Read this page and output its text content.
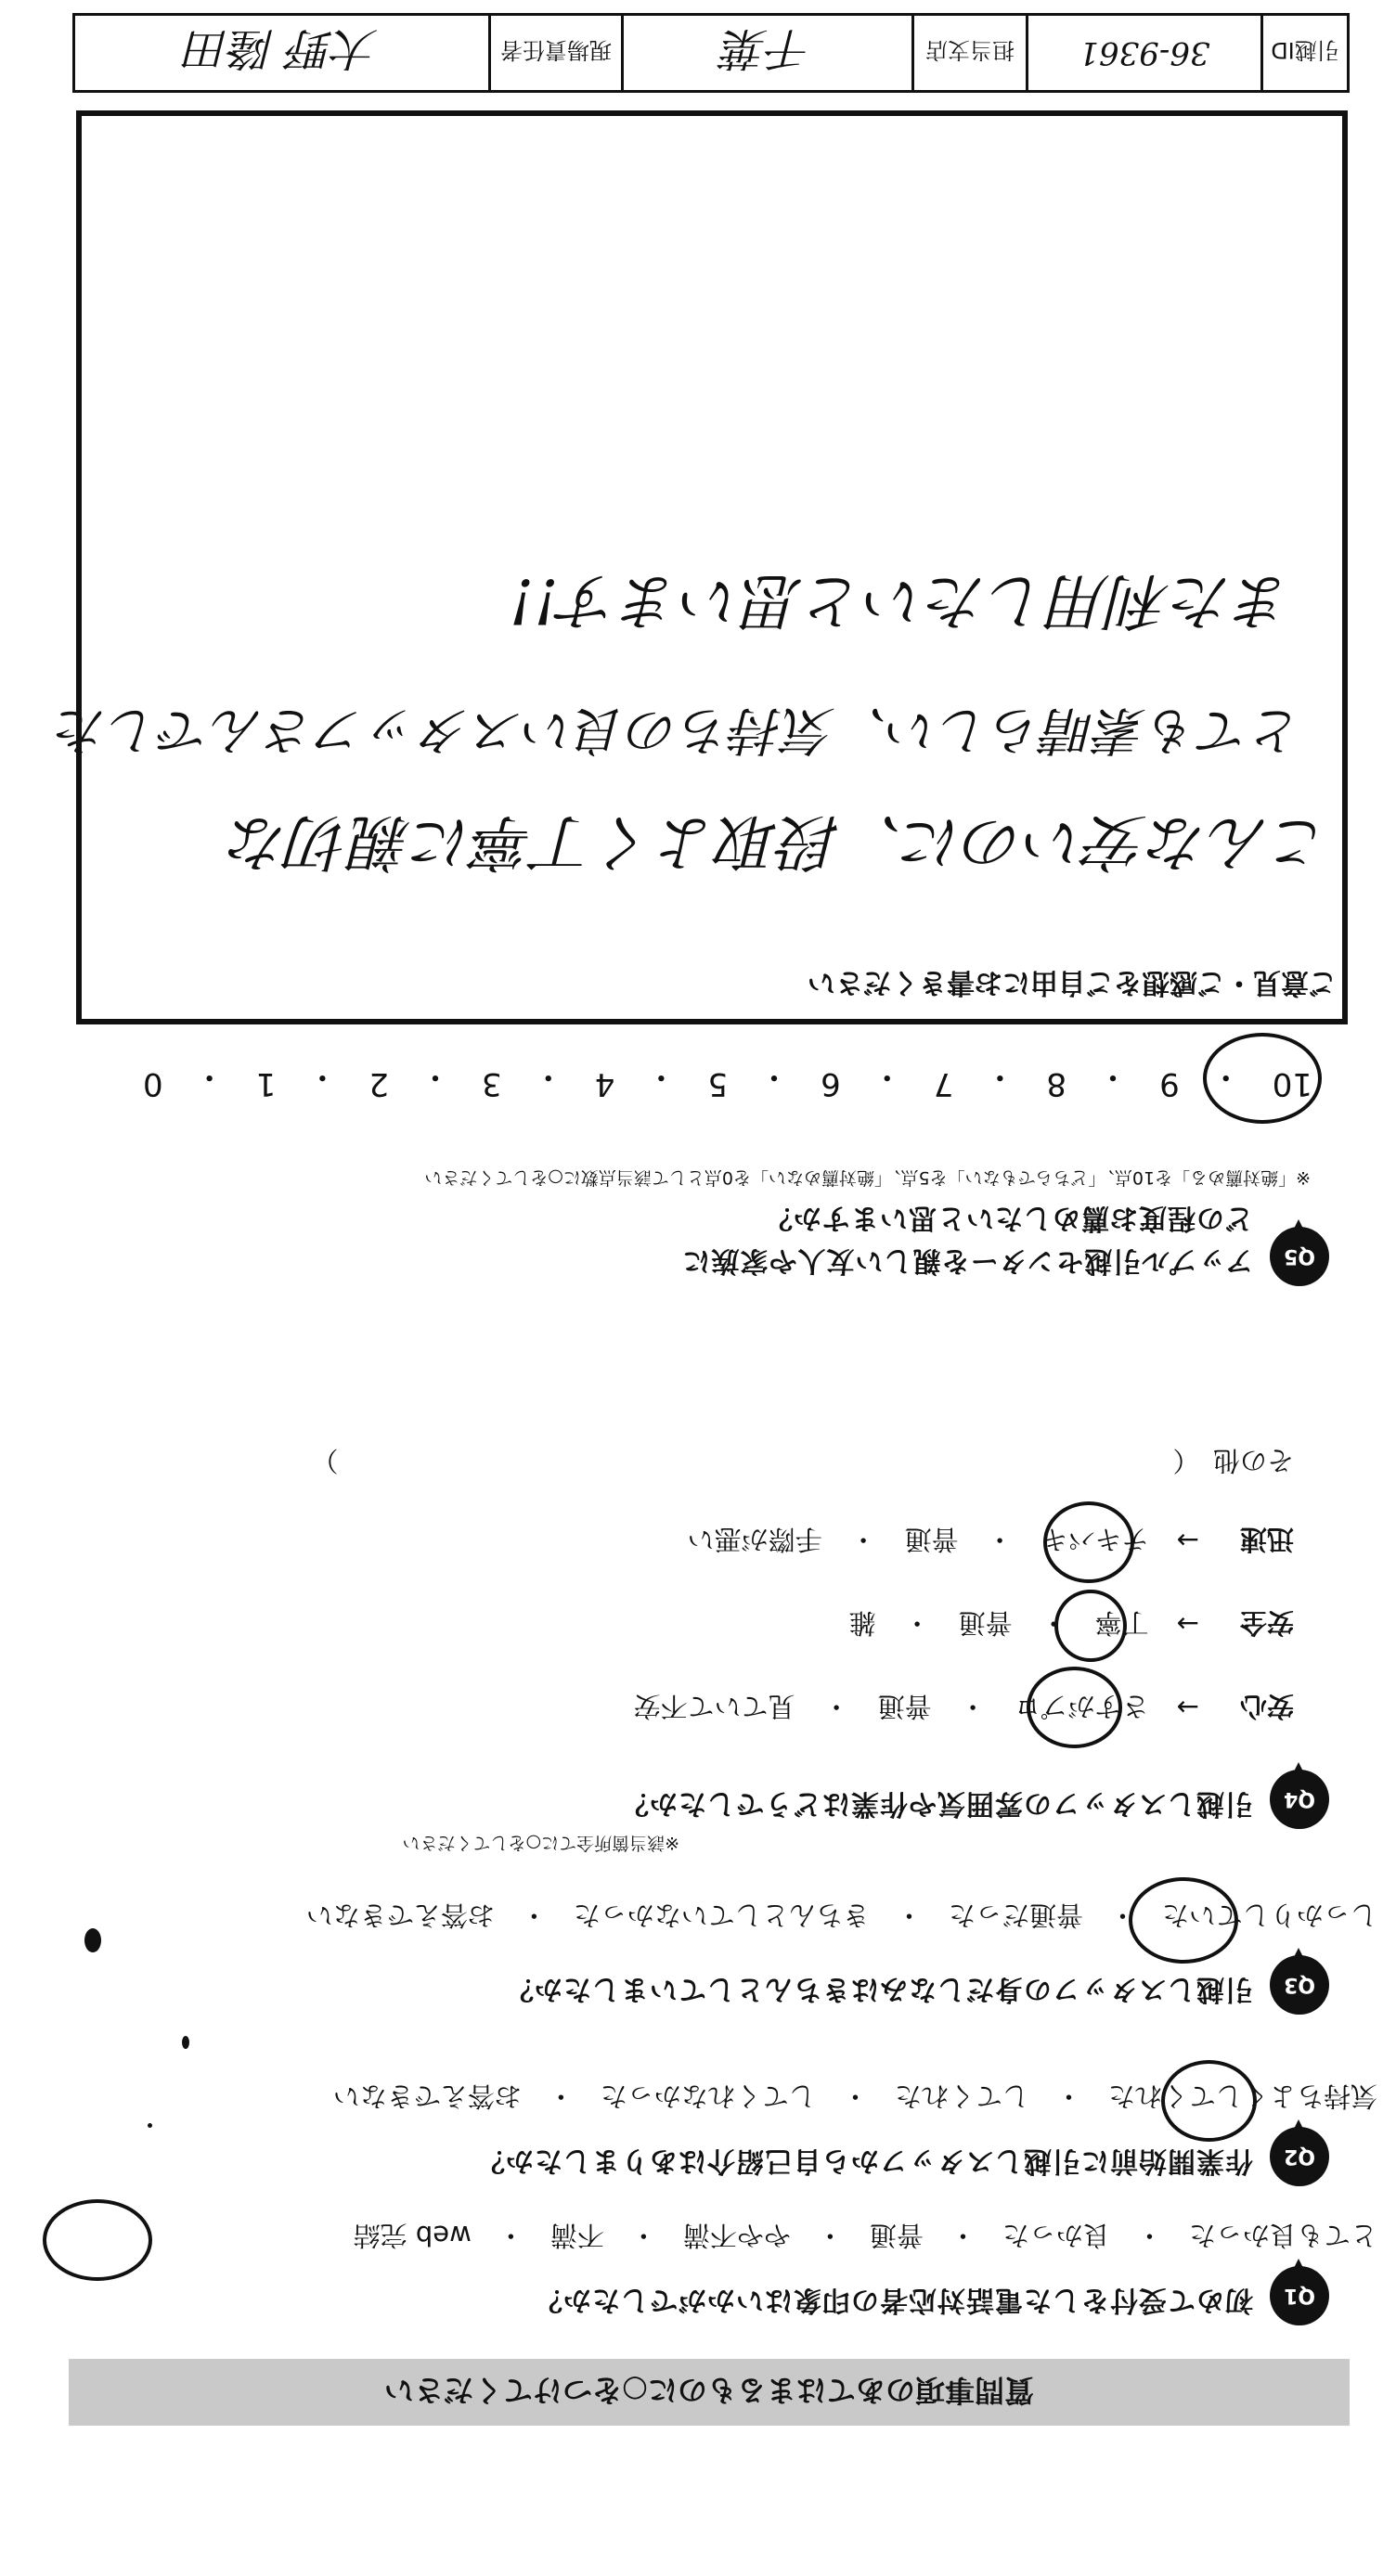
質問事項のあてはまるものに○をつけてください
Q1
初めて受付をした電話対応者の印象はいかがでしたか？
とても良かった
・
良かった
・
普通
・
やや不満
・
不満
・
web 完結
Q2
作業開始前に引越しスタッフから自己紹介はありましたか？
気持ちよくしてくれた
・
してくれた
・
してくれなかった
・
お答えできない
Q3
引越しスタッフの身だしなみはきちんとしていましたか？
しっかりしていた
・
普通だった
・
きちんとしていなかった
・
お答えできない
Q4
引越しスタッフの雰囲気や作業はどうでしたか？
※該当箇所全てに○をしてください
安心
→
さすがプロ
・
普通
・
見ていて不安
安全
→
丁寧
・
普通
・
雑
迅速
→
テキパキ
・
普通
・
手際が悪い
その他　（　　　　　　　　　　　　　　　　　　　　　　　　　　　　　　　）
Q5
アップル引越センターを親しい友人や家族に
どの程度お薦めしたいと思いますか？
※「絶対薦める」を10点、「どちらでもない」を5点、「絶対薦めない」を0点として該当点数に○をしてください
10
・
9
・
8
・
7
・
6
・
5
・
4
・
3
・
2
・
1
・
0
ご意見・ご感想をご自由にお書きください
こんな安いのに、段取よく丁寧に親切な
とても素晴らしい、気持ちの良いスタッフさんでした
また利用したいと思います!!
引越ID
36-9361
担当支店
千葉
現場責任者
大野 隆田
